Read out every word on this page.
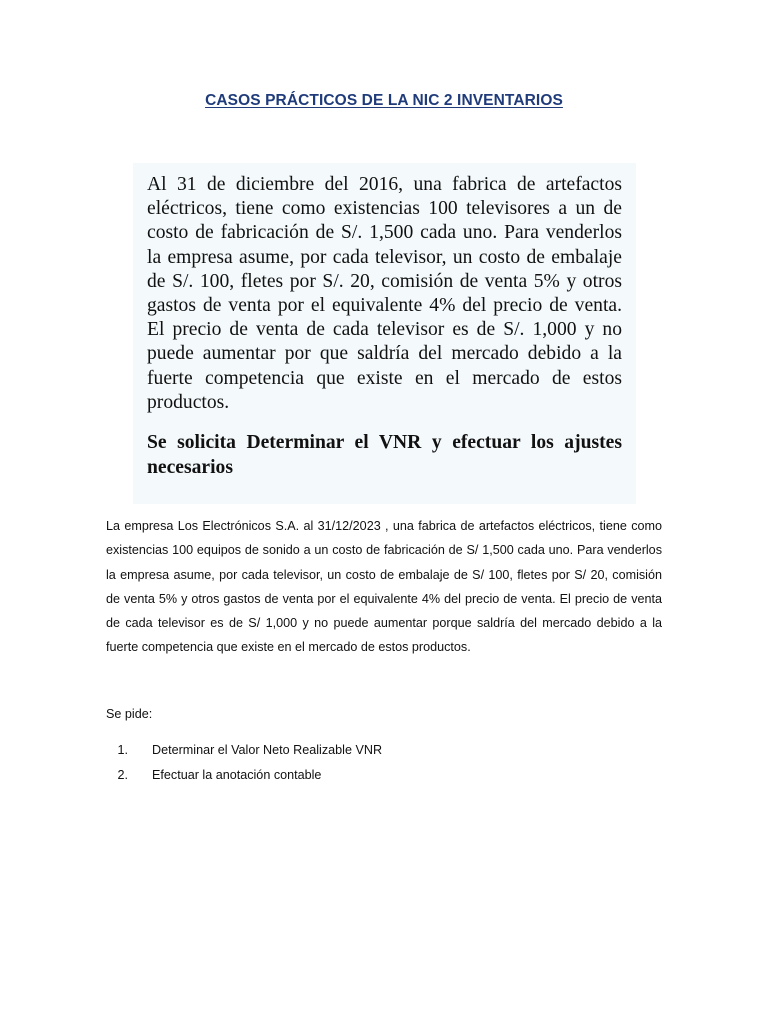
CASOS PRÁCTICOS DE LA NIC 2 INVENTARIOS

Al 31 de diciembre del 2016, una fabrica de artefactos eléctricos, tiene como existencias 100 televisores a un de costo de fabricación de S/. 1,500 cada uno. Para venderlos la empresa asume, por cada televisor, un costo de embalaje de S/. 100, fletes por S/. 20, comisión de venta 5% y otros gastos de venta por el equivalente 4% del precio de venta. El precio de venta de cada televisor es de S/. 1,000 y no puede aumentar por que saldría del mercado debido a la fuerte competencia que existe en el mercado de estos productos.

Se solicita Determinar el VNR y efectuar los ajustes necesarios

La empresa Los Electrónicos S.A. al 31/12/2023 , una fabrica de artefactos eléctricos, tiene como existencias 100 equipos de sonido a un costo de fabricación de S/ 1,500 cada uno. Para venderlos la empresa asume, por cada televisor, un costo de embalaje de S/ 100, fletes por S/ 20, comisión de venta 5% y otros gastos de venta por el equivalente 4% del precio de venta. El precio de venta de cada televisor es de S/ 1,000 y no puede aumentar porque saldría del mercado debido a la fuerte competencia que existe en el mercado de estos productos.

Se pide:

1. Determinar el Valor Neto Realizable VNR
2. Efectuar la anotación contable
